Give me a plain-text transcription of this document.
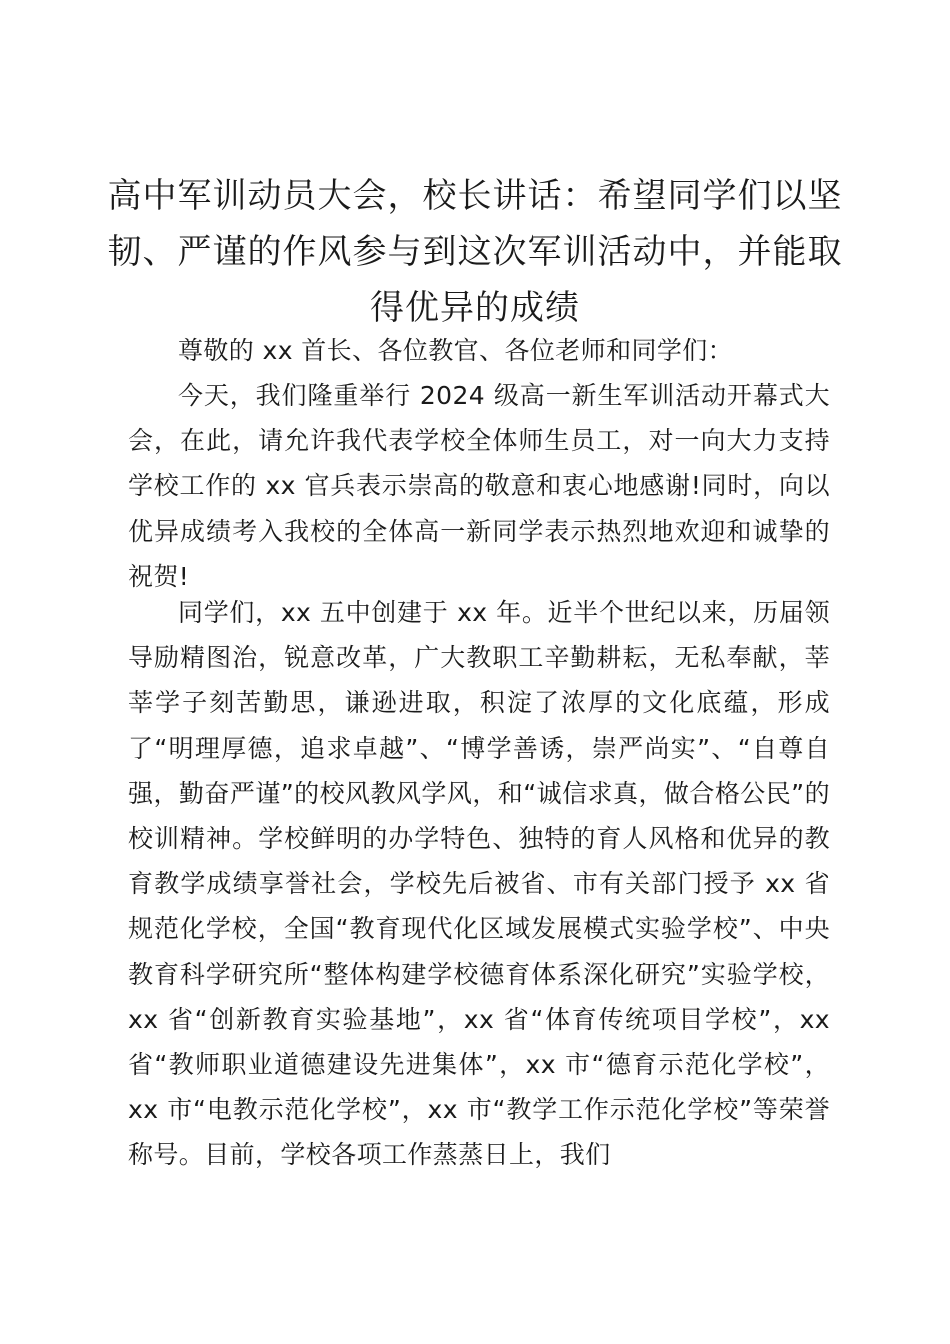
高中军训动员大会，校长讲话：希望同学们以坚韧、严谨的作风参与到这次军训活动中，并能取得优异的成绩

尊敬的 xx 首长、各位教官、各位老师和同学们：

今天，我们隆重举行 2024 级高一新生军训活动开幕式大会，在此，请允许我代表学校全体师生员工，对一向大力支持学校工作的 xx 官兵表示崇高的敬意和衷心地感谢!同时，向以优异成绩考入我校的全体高一新同学表示热烈地欢迎和诚挚的祝贺!

同学们，xx 五中创建于 xx 年。近半个世纪以来，历届领导励精图治，锐意改革，广大教职工辛勤耕耘，无私奉献，莘莘学子刻苦勤思，谦逊进取，积淀了浓厚的文化底蕴，形成了“明理厚德，追求卓越”、“博学善诱，崇严尚实”、“自尊自强，勤奋严谨”的校风教风学风，和“诚信求真，做合格公民”的校训精神。学校鲜明的办学特色、独特的育人风格和优异的教育教学成绩享誉社会，学校先后被省、市有关部门授予 xx 省规范化学校，全国“教育现代化区域发展模式实验学校”、中央教育科学研究所“整体构建学校德育体系深化研究”实验学校，xx 省“创新教育实验基地”，xx 省“体育传统项目学校”，xx 省“教师职业道德建设先进集体”，xx 市“德育示范化学校”，xx 市“电教示范化学校”，xx 市“教学工作示范化学校”等荣誉称号。目前，学校各项工作蒸蒸日上，我们
